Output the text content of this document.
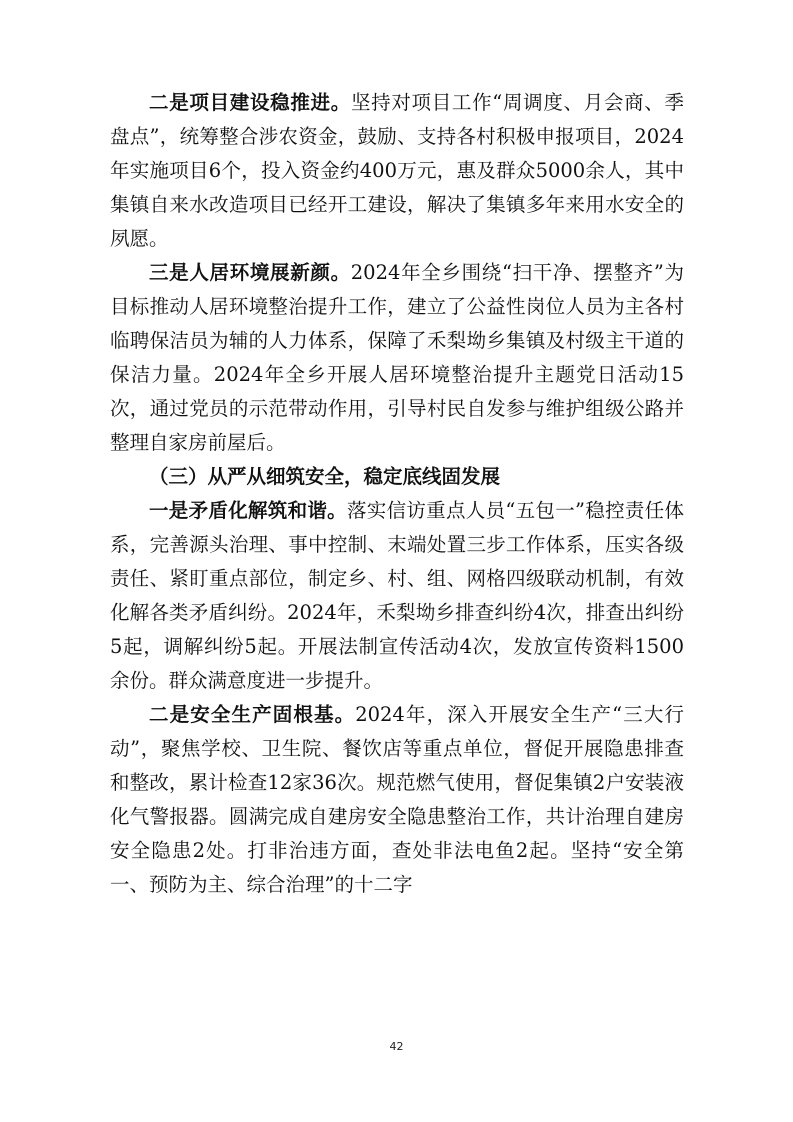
二是项目建设稳推进。坚持对项目工作“周调度、月会商、季盘点”，统筹整合涉农资金，鼓励、支持各村积极申报项目，2024年实施项目6个，投入资金约400万元，惠及群众5000余人，其中集镇自来水改造项目已经开工建设，解决了集镇多年来用水安全的夙愿。

三是人居环境展新颜。2024年全乡围绕“扫干净、摆整齐”为目标推动人居环境整治提升工作，建立了公益性岗位人员为主各村临聘保洁员为辅的人力体系，保障了禾梨坳乡集镇及村级主干道的保洁力量。2024年全乡开展人居环境整治提升主题党日活动15次，通过党员的示范带动作用，引导村民自发参与维护组级公路并整理自家房前屋后。

（三）从严从细筑安全，稳定底线固发展

一是矛盾化解筑和谐。落实信访重点人员“五包一”稳控责任体系，完善源头治理、事中控制、末端处置三步工作体系，压实各级责任、紧盯重点部位，制定乡、村、组、网格四级联动机制，有效化解各类矛盾纠纷。2024年，禾梨坳乡排查纠纷4次，排查出纠纷5起，调解纠纷5起。开展法制宣传活动4次，发放宣传资料1500余份。群众满意度进一步提升。

二是安全生产固根基。2024年，深入开展安全生产“三大行动”，聚焦学校、卫生院、餐饮店等重点单位，督促开展隐患排查和整改，累计检查12家36次。规范燃气使用，督促集镇2户安装液化气警报器。圆满完成自建房安全隐患整治工作，共计治理自建房安全隐患2处。打非治违方面，查处非法电鱼2起。坚持“安全第一、预防为主、综合治理”的十二字

42
